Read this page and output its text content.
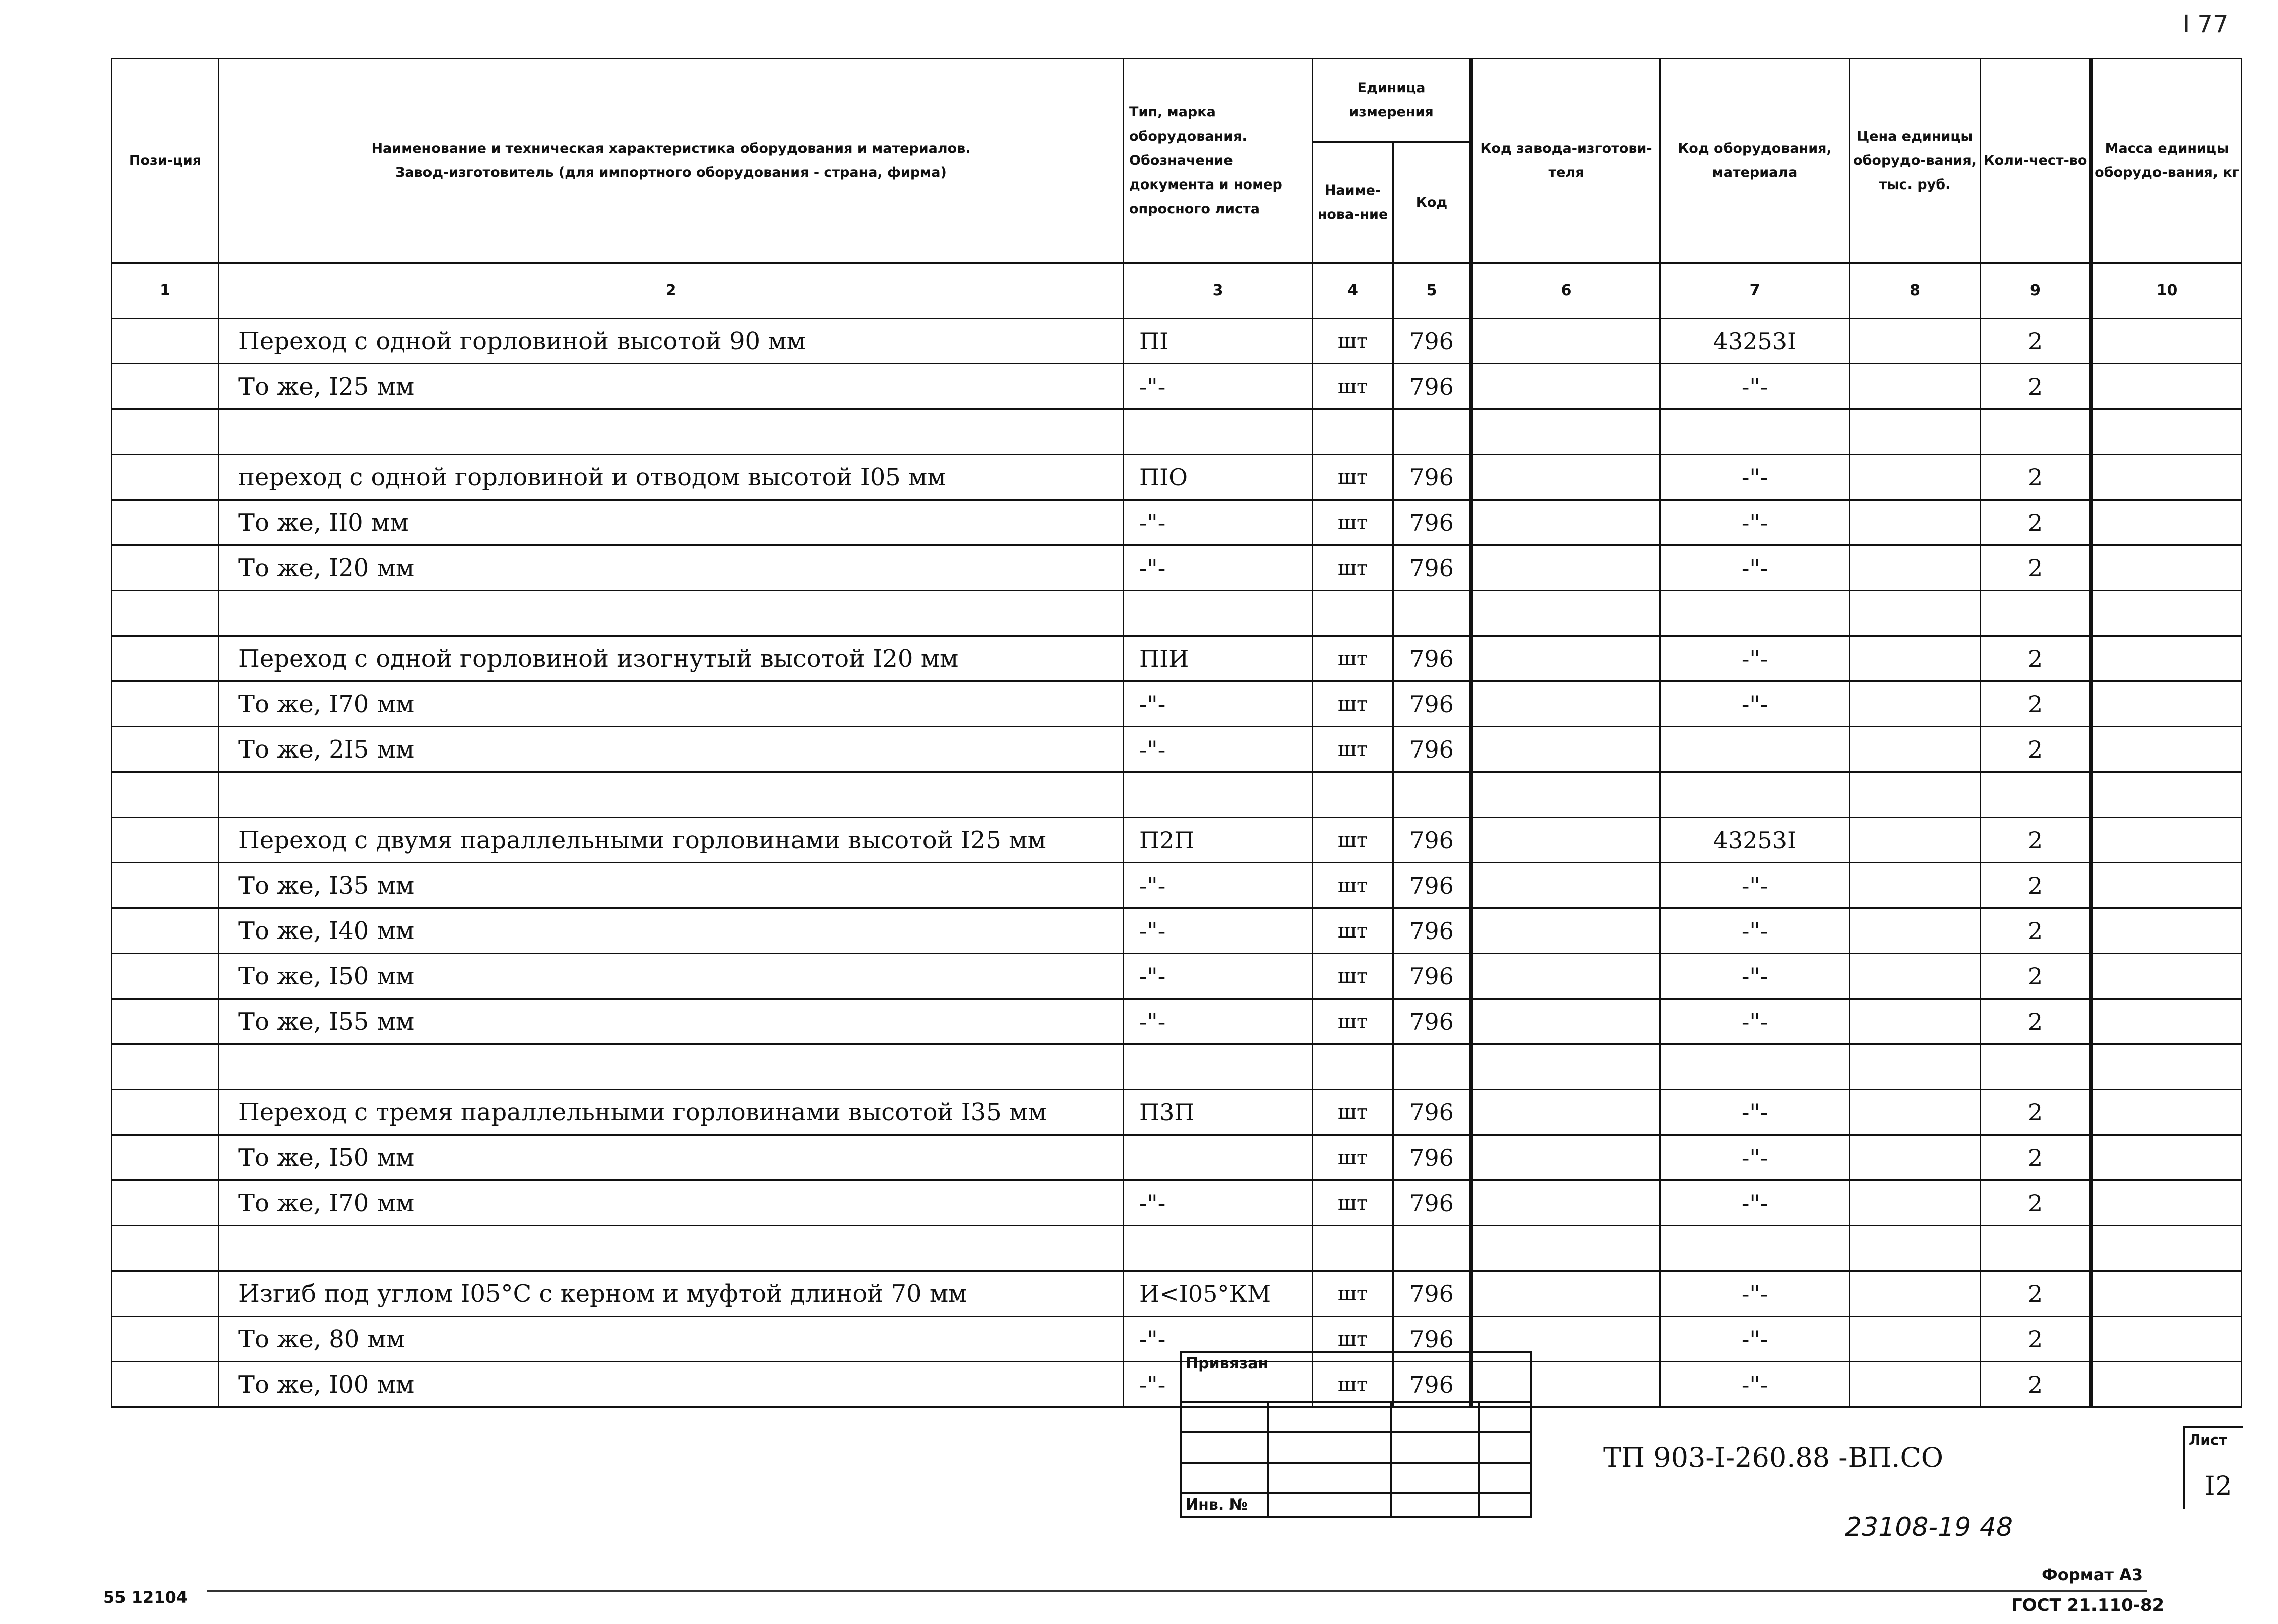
I 77
Пози-ция	Наименование и техническая характеристика оборудования и материалов.
Завод-изготовитель (для импортного оборудования - страна, фирма)	Тип, марка оборудования. Обозначение документа и номер опросного листа	Единица измерения		Код завода-изготови-теля	Код оборудования, материала	Цена единицы оборудо-вания, тыс. руб.	Коли-чест-во	Масса единицы оборудо-вания, кг
			Наиме-нова-ние	Код					
1	2	3	4	5	6	7	8	9	10
	Переход с одной горловиной высотой 90 мм	ПI	шт	796		43253I		2	
	То же, I25 мм	-"-	шт	796		-"-		2	

	переход с одной горловиной и отводом высотой I05 мм	ПIО	шт	796		-"-		2	
	То же, II0 мм	-"-	шт	796		-"-		2	
	То же, I20 мм	-"-	шт	796		-"-		2	

	Переход с одной горловиной изогнутый высотой I20 мм	ПIИ	шт	796		-"-		2	
	То же, I70 мм	-"-	шт	796		-"-		2	
	То же, 2I5 мм	-"-	шт	796				2	

	Переход с двумя параллельными горловинами высотой I25 мм	П2П	шт	796		43253I		2	
	То же, I35 мм	-"-	шт	796		-"-		2	
	То же, I40 мм	-"-	шт	796		-"-		2	
	То же, I50 мм	-"-	шт	796		-"-		2	
	То же, I55 мм	-"-	шт	796		-"-		2	

	Переход с тремя параллельными горловинами высотой I35 мм	П3П	шт	796		-"-		2	
	То же, I50 мм		шт	796		-"-		2	
	То же, I70 мм	-"-	шт	796		-"-		2	

	Изгиб под углом I05°С с керном и муфтой длиной 70 мм	И<I05°КМ	шт	796		-"-		2	
	То же, 80 мм	-"-	шт	796		-"-		2	
	То же, I00 мм	-"-	шт	796		-"-		2	

Привязан			

Инв. №			
ТП 903-I-260.88 -ВП.СО
Лист
I2
23108-19 48
55 12104
Формат А3
ГОСТ 21.110-82
